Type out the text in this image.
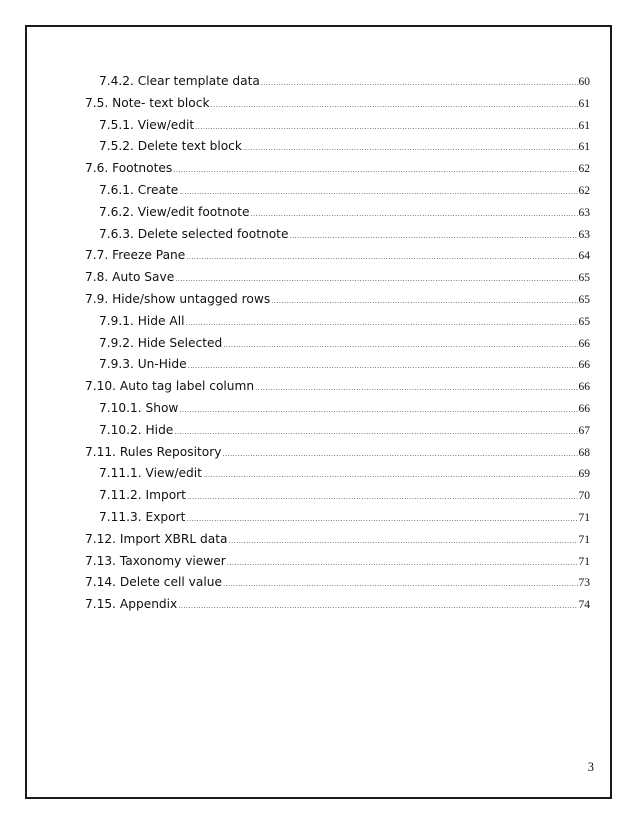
7.4.2. Clear template data .....	60
7.5. Note- text block .....	61
7.5.1. View/edit .....	61
7.5.2. Delete text block .....	61
7.6. Footnotes .....	62
7.6.1. Create .....	62
7.6.2. View/edit footnote .....	63
7.6.3. Delete selected footnote .....	63
7.7. Freeze Pane .....	64
7.8. Auto Save .....	65
7.9. Hide/show untagged rows .....	65
7.9.1. Hide All .....	65
7.9.2. Hide Selected .....	66
7.9.3. Un-Hide .....	66
7.10. Auto tag label column .....	66
7.10.1. Show .....	66
7.10.2. Hide .....	67
7.11. Rules Repository .....	68
7.11.1. View/edit .....	69
7.11.2. Import .....	70
7.11.3. Export .....	71
7.12. Import XBRL data .....	71
7.13. Taxonomy viewer .....	71
7.14. Delete cell value .....	73
7.15. Appendix .....	74
3
